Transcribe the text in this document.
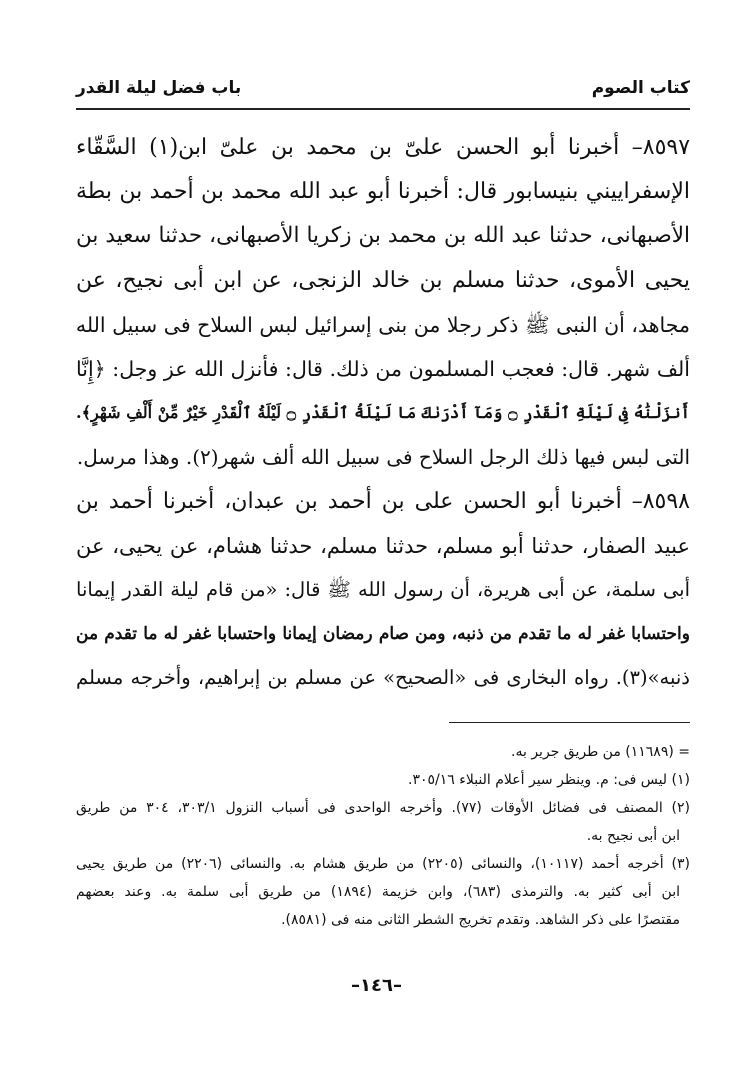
كتاب الصوم
باب فضل ليلة القدر
٨٥٩٧– أخبرنا أبو الحسن علىّ بن محمد بن علىّ ابن(١) السَّقّاء
الإسفراييني بنيسابور قال: أخبرنا أبو عبد الله محمد بن أحمد بن بطة
الأصبهانى، حدثنا عبد الله بن محمد بن زكريا الأصبهانى، حدثنا سعيد بن
يحيى الأموى، حدثنا مسلم بن خالد الزنجى، عن ابن أبى نجيح، عن
مجاهد، أن النبى ﷺ ذكر رجلا من بنى إسرائيل لبس السلاح فى سبيل الله
ألف شهر. قال: فعجب المسلمون من ذلك. قال: فأنزل الله عز وجل: ﴿إِنَّا
أَنزَلْنَٰهُ فِى لَيْلَةِ ٱلْقَدْرِ ۝ وَمَآ أَدْرَىٰكَ مَا لَيْلَةُ ٱلْقَدْرِ ۝ لَيْلَةُ ٱلْقَدْرِ خَيْرٌ مِّنْ أَلْفِ شَهْرٍ﴾.
التى لبس فيها ذلك الرجل السلاح فى سبيل الله ألف شهر(٢). وهذا مرسل.
٨٥٩٨– أخبرنا أبو الحسن على بن أحمد بن عبدان، أخبرنا أحمد بن
عبيد الصفار، حدثنا أبو مسلم، حدثنا مسلم، حدثنا هشام، عن يحيى، عن
أبى سلمة، عن أبى هريرة، أن رسول الله ﷺ قال: «من قام ليلة القدر إيمانا
واحتسابا غفر له ما تقدم من ذنبه، ومن صام رمضان إيمانا واحتسابا غفر له ما تقدم من
ذنبه»(٣). رواه البخارى فى «الصحيح» عن مسلم بن إبراهيم، وأخرجه مسلم
= (١١٦٨٩) من طريق جرير به.
(١) ليس فى: م. وينظر سير أعلام النبلاء ٣٠٥/١٦.
(٢) المصنف فى فضائل الأوقات (٧٧). وأخرجه الواحدى فى أسباب النزول ٣٠٣/١، ٣٠٤ من طريق
ابن أبى نجيح به.
(٣) أخرجه أحمد (١٠١١٧)، والنسائى (٢٢٠٥) من طريق هشام به. والنسائى (٢٢٠٦) من طريق يحيى
ابن أبى كثير به. والترمذى (٦٨٣)، وابن خزيمة (١٨٩٤) من طريق أبى سلمة به. وعند بعضهم
مقتصرًا على ذكر الشاهد. وتقدم تخريج الشطر الثانى منه فى (٨٥٨١).
–١٤٦–
